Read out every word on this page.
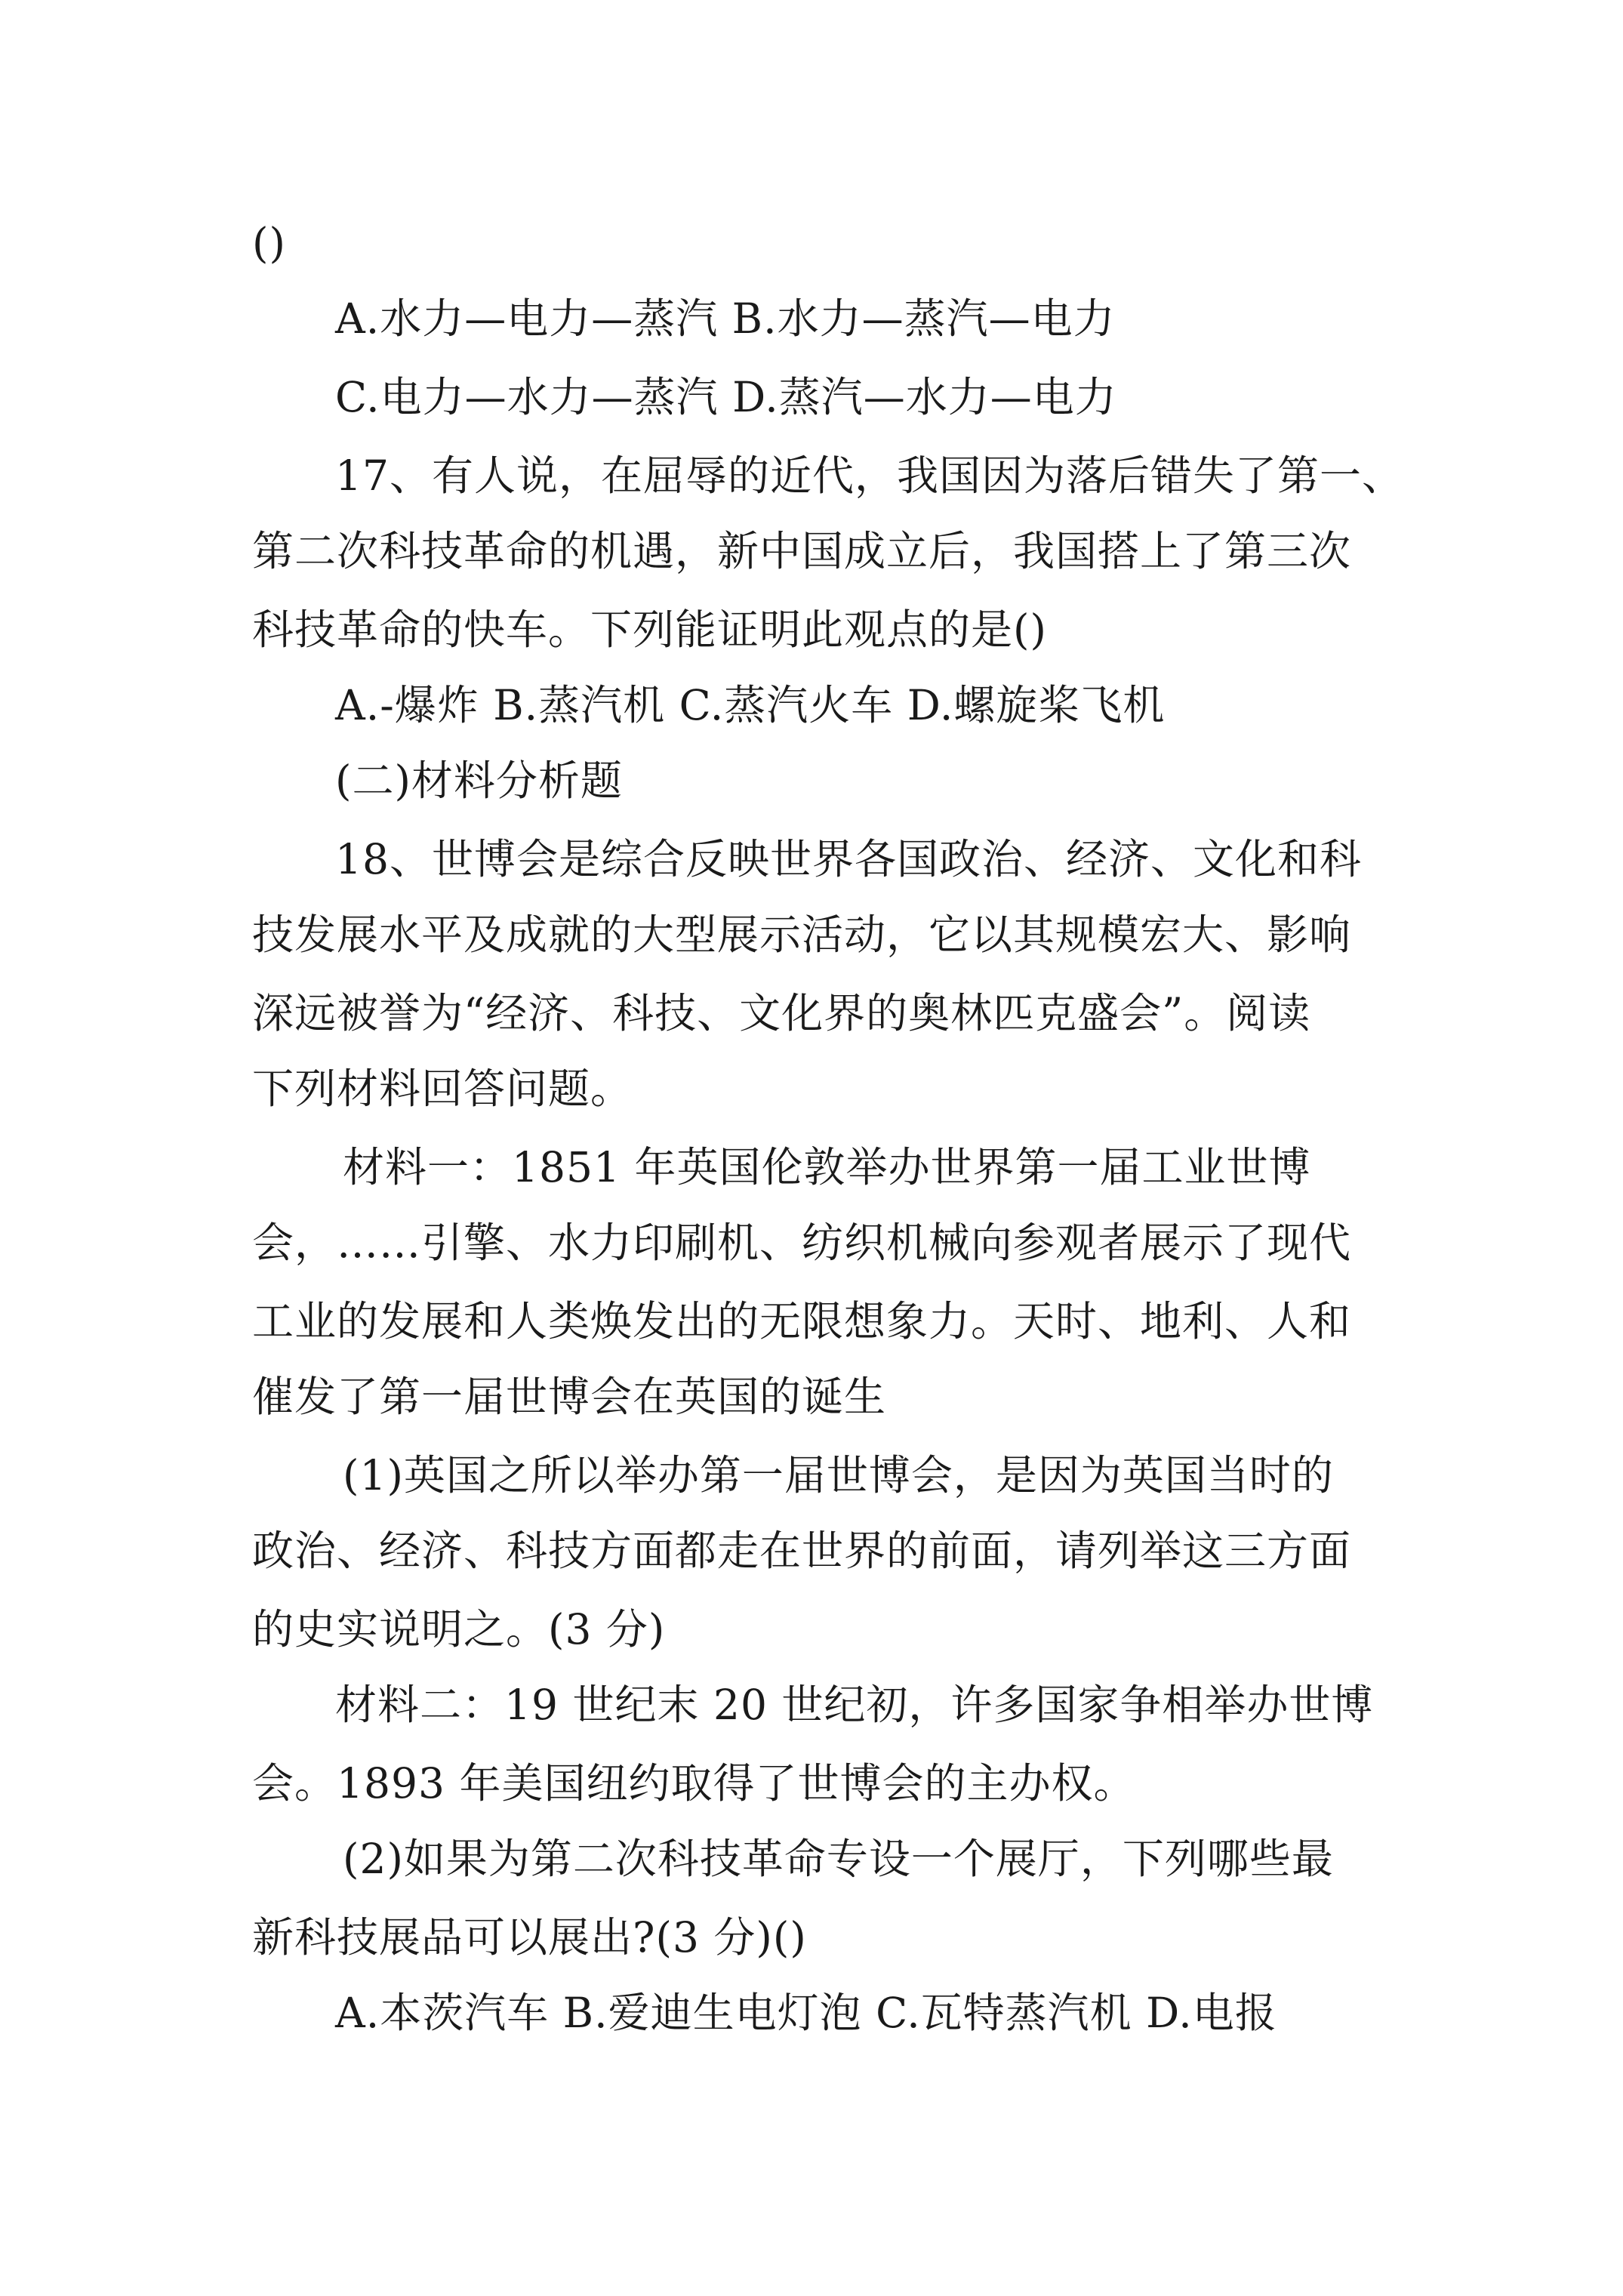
()
A.水力—电力—蒸汽 B.水力—蒸汽—电力
C.电力—水力—蒸汽 D.蒸汽—水力—电力
17、有人说，在屈辱的近代，我国因为落后错失了第一、
第二次科技革命的机遇，新中国成立后，我国搭上了第三次
科技革命的快车。下列能证明此观点的是()
A.-爆炸 B.蒸汽机 C.蒸汽火车 D.螺旋桨飞机
(二)材料分析题
18、世博会是综合反映世界各国政治、经济、文化和科
技发展水平及成就的大型展示活动，它以其规模宏大、影响
深远被誉为“经济、科技、文化界的奥林匹克盛会”。阅读
下列材料回答问题。
材料一：1851 年英国伦敦举办世界第一届工业世博
会，……引擎、水力印刷机、纺织机械向参观者展示了现代
工业的发展和人类焕发出的无限想象力。天时、地利、人和
催发了第一届世博会在英国的诞生
(1)英国之所以举办第一届世博会，是因为英国当时的
政治、经济、科技方面都走在世界的前面，请列举这三方面
的史实说明之。(3 分)
材料二：19 世纪末 20 世纪初，许多国家争相举办世博
会。1893 年美国纽约取得了世博会的主办权。
(2)如果为第二次科技革命专设一个展厅，下列哪些最
新科技展品可以展出?(3 分)()
A.本茨汽车 B.爱迪生电灯泡 C.瓦特蒸汽机 D.电报
